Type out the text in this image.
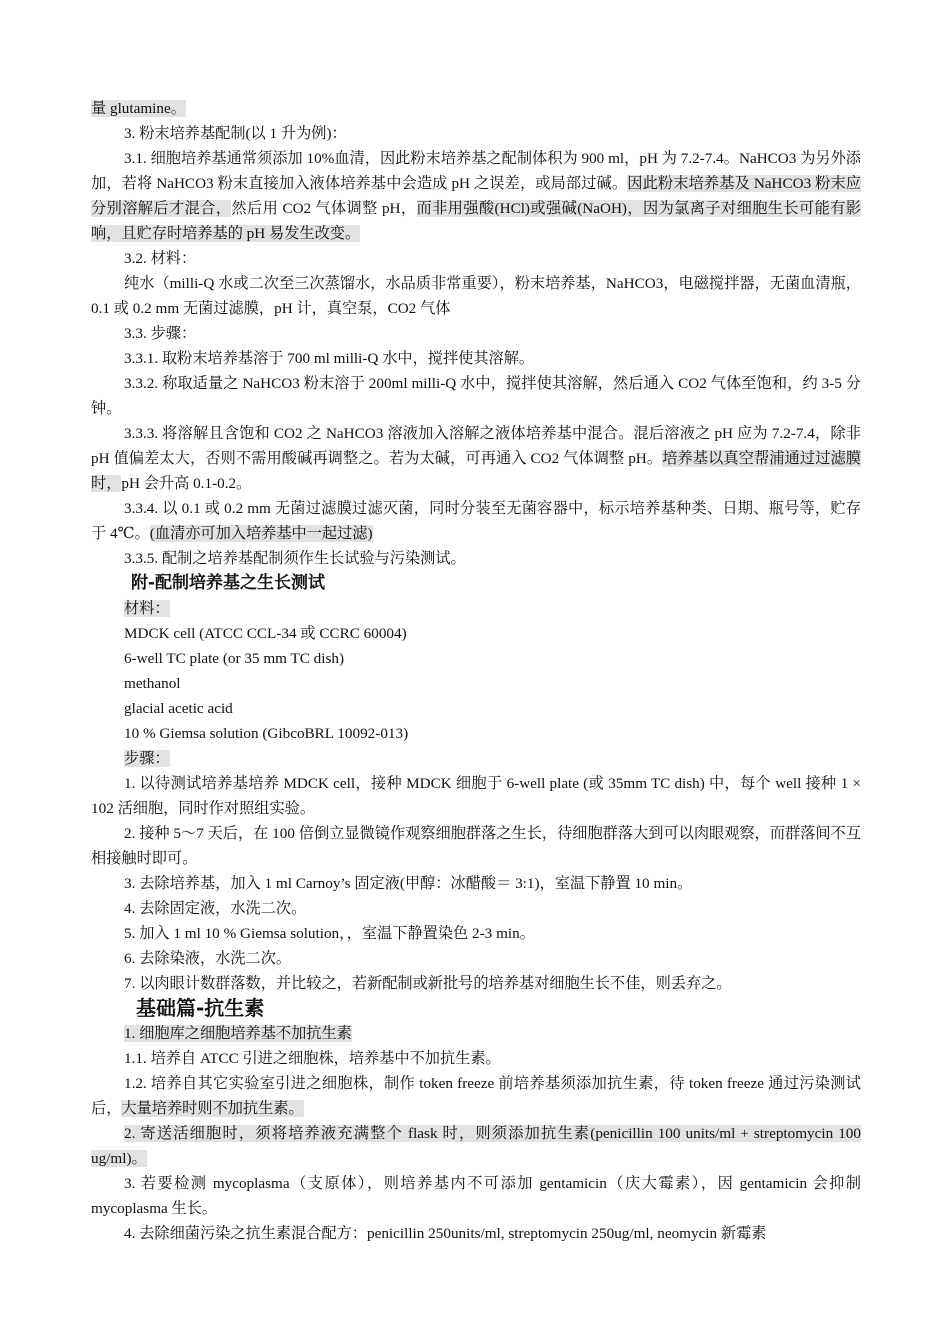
量 glutamine。

3. 粉末培养基配制(以 1 升为例)：

3.1. 细胞培养基通常须添加 10%血清，因此粉末培养基之配制体积为 900 ml，pH 为 7.2-7.4。NaHCO3 为另外添加，若将 NaHCO3 粉末直接加入液体培养基中会造成 pH 之误差，或局部过碱。因此粉末培养基及 NaHCO3 粉末应分别溶解后才混合，然后用 CO2 气体调整 pH，而非用强酸(HCl)或强碱(NaOH)，因为氯离子对细胞生长可能有影响，且贮存时培养基的 pH 易发生改变。

3.2. 材料：

纯水（milli-Q 水或二次至三次蒸馏水，水品质非常重要），粉末培养基，NaHCO3，电磁搅拌器，无菌血清瓶，0.1 或 0.2 mm 无菌过滤膜，pH 计，真空泵，CO2 气体

3.3. 步骤：

3.3.1. 取粉末培养基溶于 700 ml milli-Q 水中，搅拌使其溶解。

3.3.2. 称取适量之 NaHCO3 粉末溶于 200ml milli-Q 水中，搅拌使其溶解，然后通入 CO2 气体至饱和，约 3-5 分钟。

3.3.3. 将溶解且含饱和 CO2 之 NaHCO3 溶液加入溶解之液体培养基中混合。混后溶液之 pH 应为 7.2-7.4，除非 pH 值偏差太大，否则不需用酸碱再调整之。若为太碱，可再通入 CO2 气体调整 pH。培养基以真空帮浦通过过滤膜时，pH 会升高 0.1-0.2。

3.3.4. 以 0.1 或 0.2 mm 无菌过滤膜过滤灭菌，同时分装至无菌容器中，标示培养基种类、日期、瓶号等，贮存于 4℃。(血清亦可加入培养基中一起过滤)

3.3.5. 配制之培养基配制须作生长试验与污染测试。

附-配制培养基之生长测试

材料：

MDCK cell (ATCC CCL-34 或 CCRC 60004)

6-well TC plate (or 35 mm TC dish)

methanol

glacial acetic acid

10 % Giemsa solution (GibcoBRL 10092-013)

步骤：

1. 以待测试培养基培养 MDCK cell，接种 MDCK 细胞于 6-well plate (或 35mm TC dish) 中，每个 well 接种 1 × 102 活细胞，同时作对照组实验。

2. 接种 5～7 天后，在 100 倍倒立显微镜作观察细胞群落之生长，待细胞群落大到可以肉眼观察，而群落间不互相接触时即可。

3. 去除培养基，加入 1 ml Carnoy’s 固定液(甲醇：冰醋酸＝ 3:1)，室温下静置 10 min。

4. 去除固定液，水洗二次。

5. 加入 1 ml 10 % Giemsa solution，，室温下静置染色 2-3 min。

6. 去除染液，水洗二次。

7. 以肉眼计数群落数，并比较之，若新配制或新批号的培养基对细胞生长不佳，则丢弃之。

基础篇-抗生素

1. 细胞库之细胞培养基不加抗生素

1.1. 培养自 ATCC 引进之细胞株，培养基中不加抗生素。

1.2. 培养自其它实验室引进之细胞株，制作 token freeze 前培养基须添加抗生素，待 token freeze 通过污染测试后，大量培养时则不加抗生素。

2. 寄送活细胞时，须将培养液充满整个 flask 时，则须添加抗生素(penicillin 100 units/ml + streptomycin 100 ug/ml)。

3. 若要检测 mycoplasma（支原体），则培养基内不可添加 gentamicin（庆大霉素），因 gentamicin 会抑制 mycoplasma 生长。

4. 去除细菌污染之抗生素混合配方：penicillin 250units/ml, streptomycin 250ug/ml, neomycin 新霉素
